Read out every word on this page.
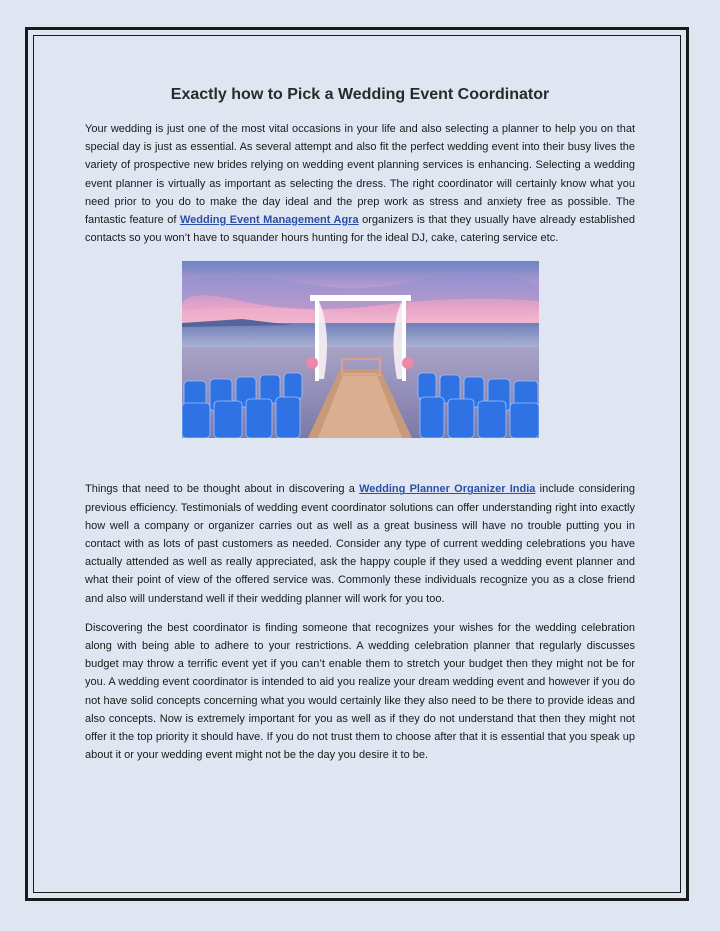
Exactly how to Pick a Wedding Event Coordinator

Your wedding is just one of the most vital occasions in your life and also selecting a planner to help you on that special day is just as essential. As several attempt and also fit the perfect wedding event into their busy lives the variety of prospective new brides relying on wedding event planning services is enhancing. Selecting a wedding event planner is virtually as important as selecting the dress. The right coordinator will certainly know what you need prior to you do to make the day ideal and the prep work as stress and anxiety free as possible. The fantastic feature of Wedding Event Management Agra organizers is that they usually have already established contacts so you won’t have to squander hours hunting for the ideal DJ, cake, catering service etc.

Things that need to be thought about in discovering a Wedding Planner Organizer India include considering previous efficiency. Testimonials of wedding event coordinator solutions can offer understanding right into exactly how well a company or organizer carries out as well as a great business will have no trouble putting you in contact with as lots of past customers as needed. Consider any type of current wedding celebrations you have actually attended as well as really appreciated, ask the happy couple if they used a wedding event planner and what their point of view of the offered service was. Commonly these individuals recognize you as a close friend and also will understand well if their wedding planner will work for you too.

Discovering the best coordinator is finding someone that recognizes your wishes for the wedding celebration along with being able to adhere to your restrictions. A wedding celebration planner that regularly discusses budget may throw a terrific event yet if you can’t enable them to stretch your budget then they might not be for you. A wedding event coordinator is intended to aid you realize your dream wedding event and however if you do not have solid concepts concerning what you would certainly like they also need to be there to provide ideas and also concepts. Now is extremely important for you as well as if they do not understand that then they might not offer it the top priority it should have. If you do not trust them to choose after that it is essential that you speak up about it or your wedding event might not be the day you desire it to be.
